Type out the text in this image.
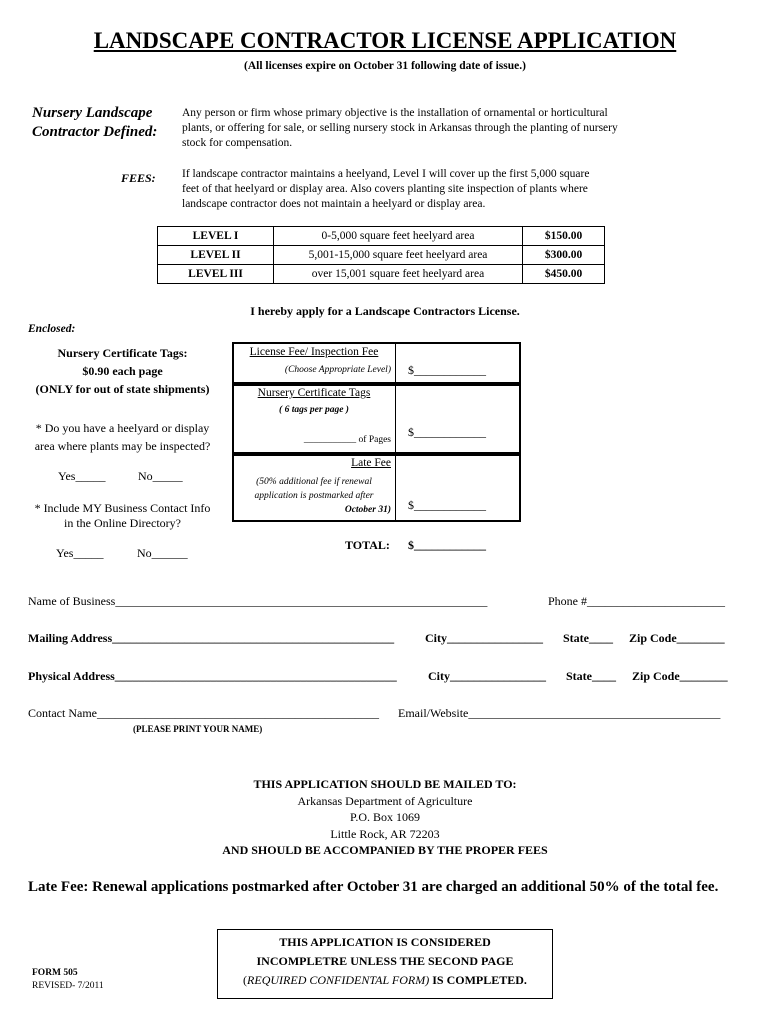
LANDSCAPE CONTRACTOR LICENSE APPLICATION
(All licenses expire on October 31 following date of issue.)
Nursery Landscape
Contractor Defined:
Any person or firm whose primary objective is the installation of ornamental or horticultural
plants, or offering for sale, or selling nursery stock in Arkansas through the planting of nursery
stock for compensation.
FEES: If landscape contractor maintains a heelyand, Level I will cover up the first 5,000 square
feet of that heelyard or display area. Also covers planting site inspection of plants where
landscape contractor does not maintain a heelyard or display area.
LEVEL I	0-5,000 square feet heelyard area	$150.00
LEVEL II	5,001-15,000 square feet heelyard area	$300.00
LEVEL III	over 15,001 square feet heelyard area	$450.00
I hereby apply for a Landscape Contractors License.
Enclosed:
Nursery Certificate Tags:
$0.90 each page
(ONLY for out of state shipments)
* Do you have a heelyard or display
area where plants may be inspected?
Yes_____	No_____
* Include MY Business Contact Info
in the Online Directory?
Yes_____	No______
License Fee/ Inspection Fee
(Choose Appropriate Level) $____________
Nursery Certificate Tags
( 6 tags per page )
___________ of Pages
$____________
Late Fee
(50% additional fee if renewal
application is postmarked after
October 31) $____________
TOTAL: $____________
Name of Business______________________________________________________________	Phone #_______________________
Mailing Address_______________________________________________	City________________ State____ Zip Code________
Physical Address_______________________________________________	City________________ State____ Zip Code________
Contact Name_______________________________________________ Email/Website__________________________________________
(PLEASE PRINT YOUR NAME)
THIS APPLICATION SHOULD BE MAILED TO:
Arkansas Department of Agriculture
P.O. Box 1069
Little Rock, AR 72203
AND SHOULD BE ACCOMPANIED BY THE PROPER FEES
Late Fee: Renewal applications postmarked after October 31 are charged an additional 50% of the total fee.
THIS APPLICATION IS CONSIDERED
INCOMPLETRE UNLESS THE SECOND PAGE
(REQUIRED CONFIDENTAL FORM) IS COMPLETED.
FORM 505
REVISED- 7/2011
